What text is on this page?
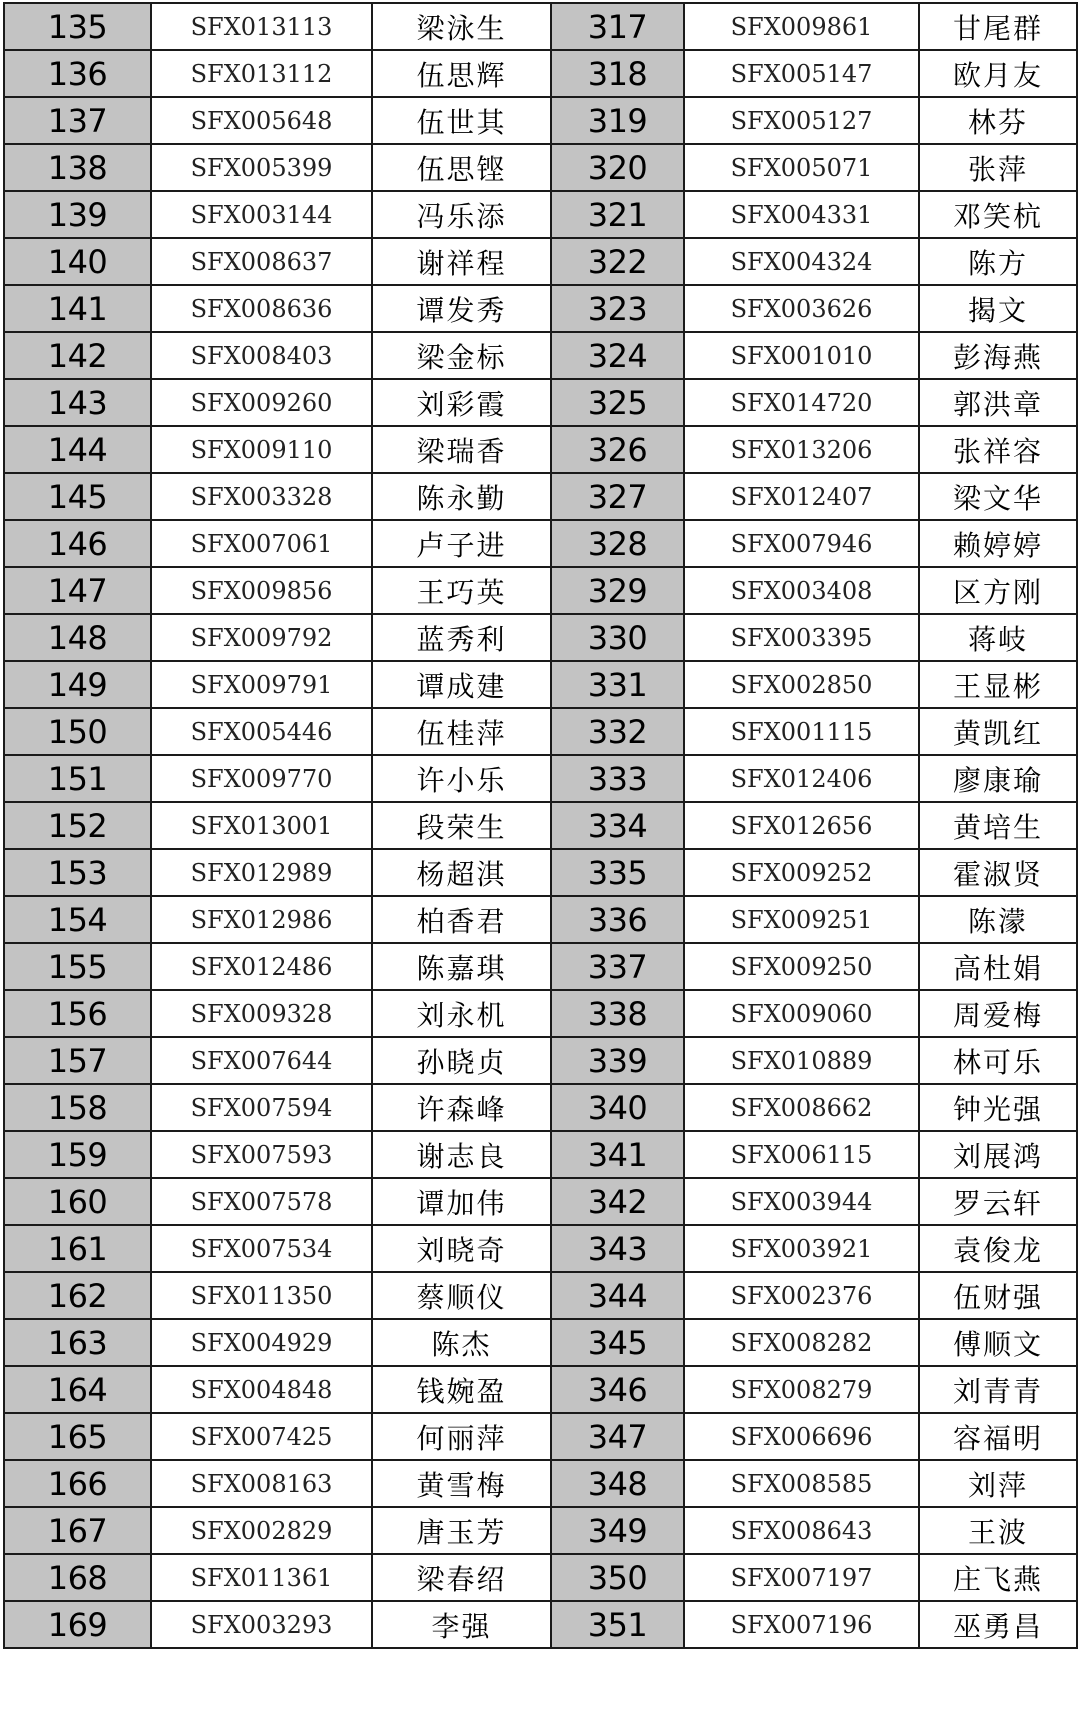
135	SFX013113	梁泳生	317	SFX009861	甘尾群
136	SFX013112	伍思辉	318	SFX005147	欧月友
137	SFX005648	伍世其	319	SFX005127	林芬
138	SFX005399	伍思铿	320	SFX005071	张萍
139	SFX003144	冯乐添	321	SFX004331	邓笑杭
140	SFX008637	谢祥程	322	SFX004324	陈方
141	SFX008636	谭发秀	323	SFX003626	揭文
142	SFX008403	梁金标	324	SFX001010	彭海燕
143	SFX009260	刘彩霞	325	SFX014720	郭洪章
144	SFX009110	梁瑞香	326	SFX013206	张祥容
145	SFX003328	陈永勤	327	SFX012407	梁文华
146	SFX007061	卢子进	328	SFX007946	赖婷婷
147	SFX009856	王巧英	329	SFX003408	区方刚
148	SFX009792	蓝秀利	330	SFX003395	蒋岐
149	SFX009791	谭成建	331	SFX002850	王显彬
150	SFX005446	伍桂萍	332	SFX001115	黄凯红
151	SFX009770	许小乐	333	SFX012406	廖康瑜
152	SFX013001	段荣生	334	SFX012656	黄培生
153	SFX012989	杨超淇	335	SFX009252	霍淑贤
154	SFX012986	柏香君	336	SFX009251	陈濛
155	SFX012486	陈嘉琪	337	SFX009250	高杜娟
156	SFX009328	刘永机	338	SFX009060	周爱梅
157	SFX007644	孙晓贞	339	SFX010889	林可乐
158	SFX007594	许森峰	340	SFX008662	钟光强
159	SFX007593	谢志良	341	SFX006115	刘展鸿
160	SFX007578	谭加伟	342	SFX003944	罗云轩
161	SFX007534	刘晓奇	343	SFX003921	袁俊龙
162	SFX011350	蔡顺仪	344	SFX002376	伍财强
163	SFX004929	陈杰	345	SFX008282	傅顺文
164	SFX004848	钱婉盈	346	SFX008279	刘青青
165	SFX007425	何丽萍	347	SFX006696	容福明
166	SFX008163	黄雪梅	348	SFX008585	刘萍
167	SFX002829	唐玉芳	349	SFX008643	王波
168	SFX011361	梁春绍	350	SFX007197	庄飞燕
169	SFX003293	李强	351	SFX007196	巫勇昌
